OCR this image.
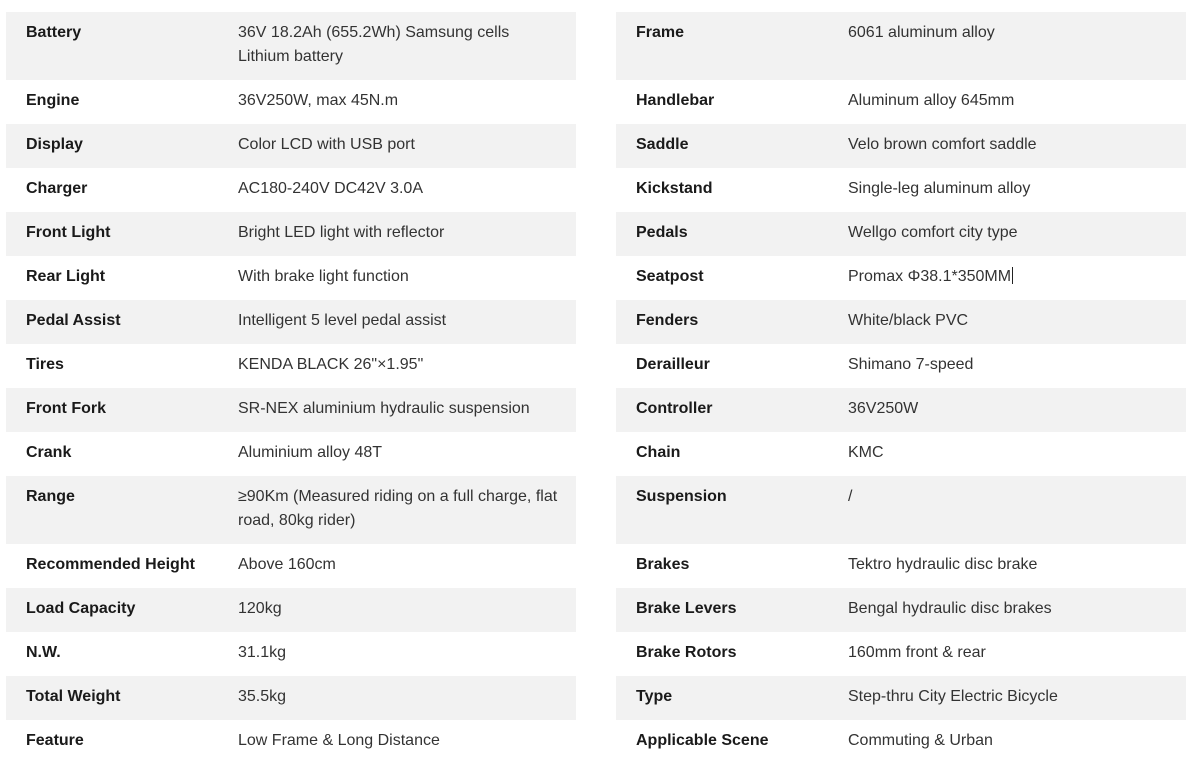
Battery	36V 18.2Ah (655.2Wh) Samsung cells Lithium battery
Engine	36V250W, max 45N.m
Display	Color LCD with USB port
Charger	AC180-240V DC42V 3.0A
Front Light	Bright LED light with reflector
Rear Light	With brake light function
Pedal Assist	Intelligent 5 level pedal assist
Tires	KENDA BLACK 26"×1.95"
Front Fork	SR-NEX aluminium hydraulic suspension
Crank	Aluminium alloy 48T
Range	≥90Km (Measured riding on a full charge, flat road, 80kg rider)
Recommended Height	Above 160cm
Load Capacity	120kg
N.W.	31.1kg
Total Weight	35.5kg
Feature	Low Frame & Long Distance
Frame	6061 aluminum alloy
Handlebar	Aluminum alloy 645mm
Saddle	Velo brown comfort saddle
Kickstand	Single-leg aluminum alloy
Pedals	Wellgo comfort city type
Seatpost	Promax Φ38.1*350MM
Fenders	White/black PVC
Derailleur	Shimano 7-speed
Controller	36V250W
Chain	KMC
Suspension	/
Brakes	Tektro hydraulic disc brake
Brake Levers	Bengal hydraulic disc brakes
Brake Rotors	160mm front & rear
Type	Step-thru City Electric Bicycle
Applicable Scene	Commuting & Urban
